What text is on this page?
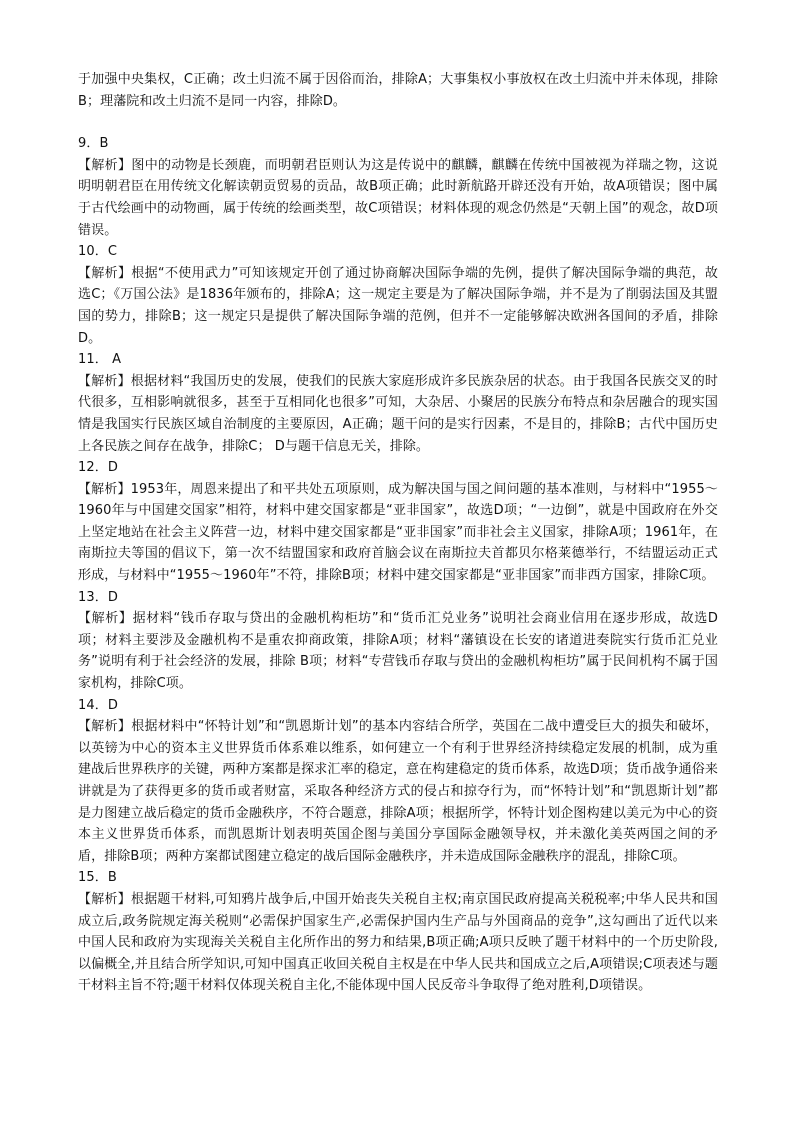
于加强中央集权，C正确；改土归流不属于因俗而治，排除A；大事集权小事放权在改土归流中并未体现，排除B；理藩院和改土归流不是同一内容，排除D。

9．B

【解析】图中的动物是长颈鹿，而明朝君臣则认为这是传说中的麒麟，麒麟在传统中国被视为祥瑞之物，这说明明朝君臣在用传统文化解读朝贡贸易的贡品，故B项正确；此时新航路开辟还没有开始，故A项错误；图中属于古代绘画中的动物画，属于传统的绘画类型，故C项错误；材料体现的观念仍然是“天朝上国”的观念，故D项错误。

10．C

【解析】根据“不使用武力”可知该规定开创了通过协商解决国际争端的先例，提供了解决国际争端的典范，故选C；《万国公法》是1836年颁布的，排除A；这一规定主要是为了解决国际争端，并不是为了削弱法国及其盟国的势力，排除B；这一规定只是提供了解决国际争端的范例，但并不一定能够解决欧洲各国间的矛盾，排除D。

11． A

【解析】根据材料“我国历史的发展，使我们的民族大家庭形成许多民族杂居的状态。由于我国各民族交叉的时代很多，互相影响就很多，甚至于互相同化也很多”可知，大杂居、小聚居的民族分布特点和杂居融合的现实国情是我国实行民族区域自治制度的主要原因，A正确；题干问的是实行因素，不是目的，排除B；古代中国历史上各民族之间存在战争，排除C； D与题干信息无关，排除。

12．D

【解析】1953年，周恩来提出了和平共处五项原则，成为解决国与国之间问题的基本准则，与材料中“1955～1960年与中国建交国家”相符，材料中建交国家都是“亚非国家”，故选D项；“一边倒”，就是中国政府在外交上坚定地站在社会主义阵营一边，材料中建交国家都是“亚非国家”而非社会主义国家，排除A项；1961年，在南斯拉夫等国的倡议下，第一次不结盟国家和政府首脑会议在南斯拉夫首都贝尔格莱德举行，不结盟运动正式形成，与材料中“1955～1960年”不符，排除B项；材料中建交国家都是“亚非国家”而非西方国家，排除C项。

13．D

【解析】据材料“钱币存取与贷出的金融机构柜坊”和“货币汇兑业务”说明社会商业信用在逐步形成，故选D项；材料主要涉及金融机构不是重农抑商政策，排除A项；材料“藩镇设在长安的诸道进奏院实行货币汇兑业务”说明有利于社会经济的发展，排除 B项；材料“专营钱币存取与贷出的金融机构柜坊”属于民间机构不属于国家机构，排除C项。

14．D

【解析】根据材料中“怀特计划”和“凯恩斯计划”的基本内容结合所学，英国在二战中遭受巨大的损失和破坏，以英镑为中心的资本主义世界货币体系难以维系，如何建立一个有利于世界经济持续稳定发展的机制，成为重建战后世界秩序的关键，两种方案都是探求汇率的稳定，意在构建稳定的货币体系，故选D项；货币战争通俗来讲就是为了获得更多的货币或者财富，采取各种经济方式的侵占和掠夺行为，而“怀特计划”和“凯恩斯计划”都是力图建立战后稳定的货币金融秩序，不符合题意，排除A项；根据所学，怀特计划企图构建以美元为中心的资本主义世界货币体系，而凯恩斯计划表明英国企图与美国分享国际金融领导权，并未激化美英两国之间的矛盾，排除B项；两种方案都试图建立稳定的战后国际金融秩序，并未造成国际金融秩序的混乱，排除C项。

15．B

【解析】根据题干材料,可知鸦片战争后,中国开始丧失关税自主权;南京国民政府提高关税税率;中华人民共和国成立后,政务院规定海关税则“必需保护国家生产,必需保护国内生产品与外国商品的竞争”,这勾画出了近代以来中国人民和政府为实现海关关税自主化所作出的努力和结果,B项正确;A项只反映了题干材料中的一个历史阶段,以偏概全,并且结合所学知识,可知中国真正收回关税自主权是在中华人民共和国成立之后,A项错误;C项表述与题干材料主旨不符;题干材料仅体现关税自主化,不能体现中国人民反帝斗争取得了绝对胜利,D项错误。
